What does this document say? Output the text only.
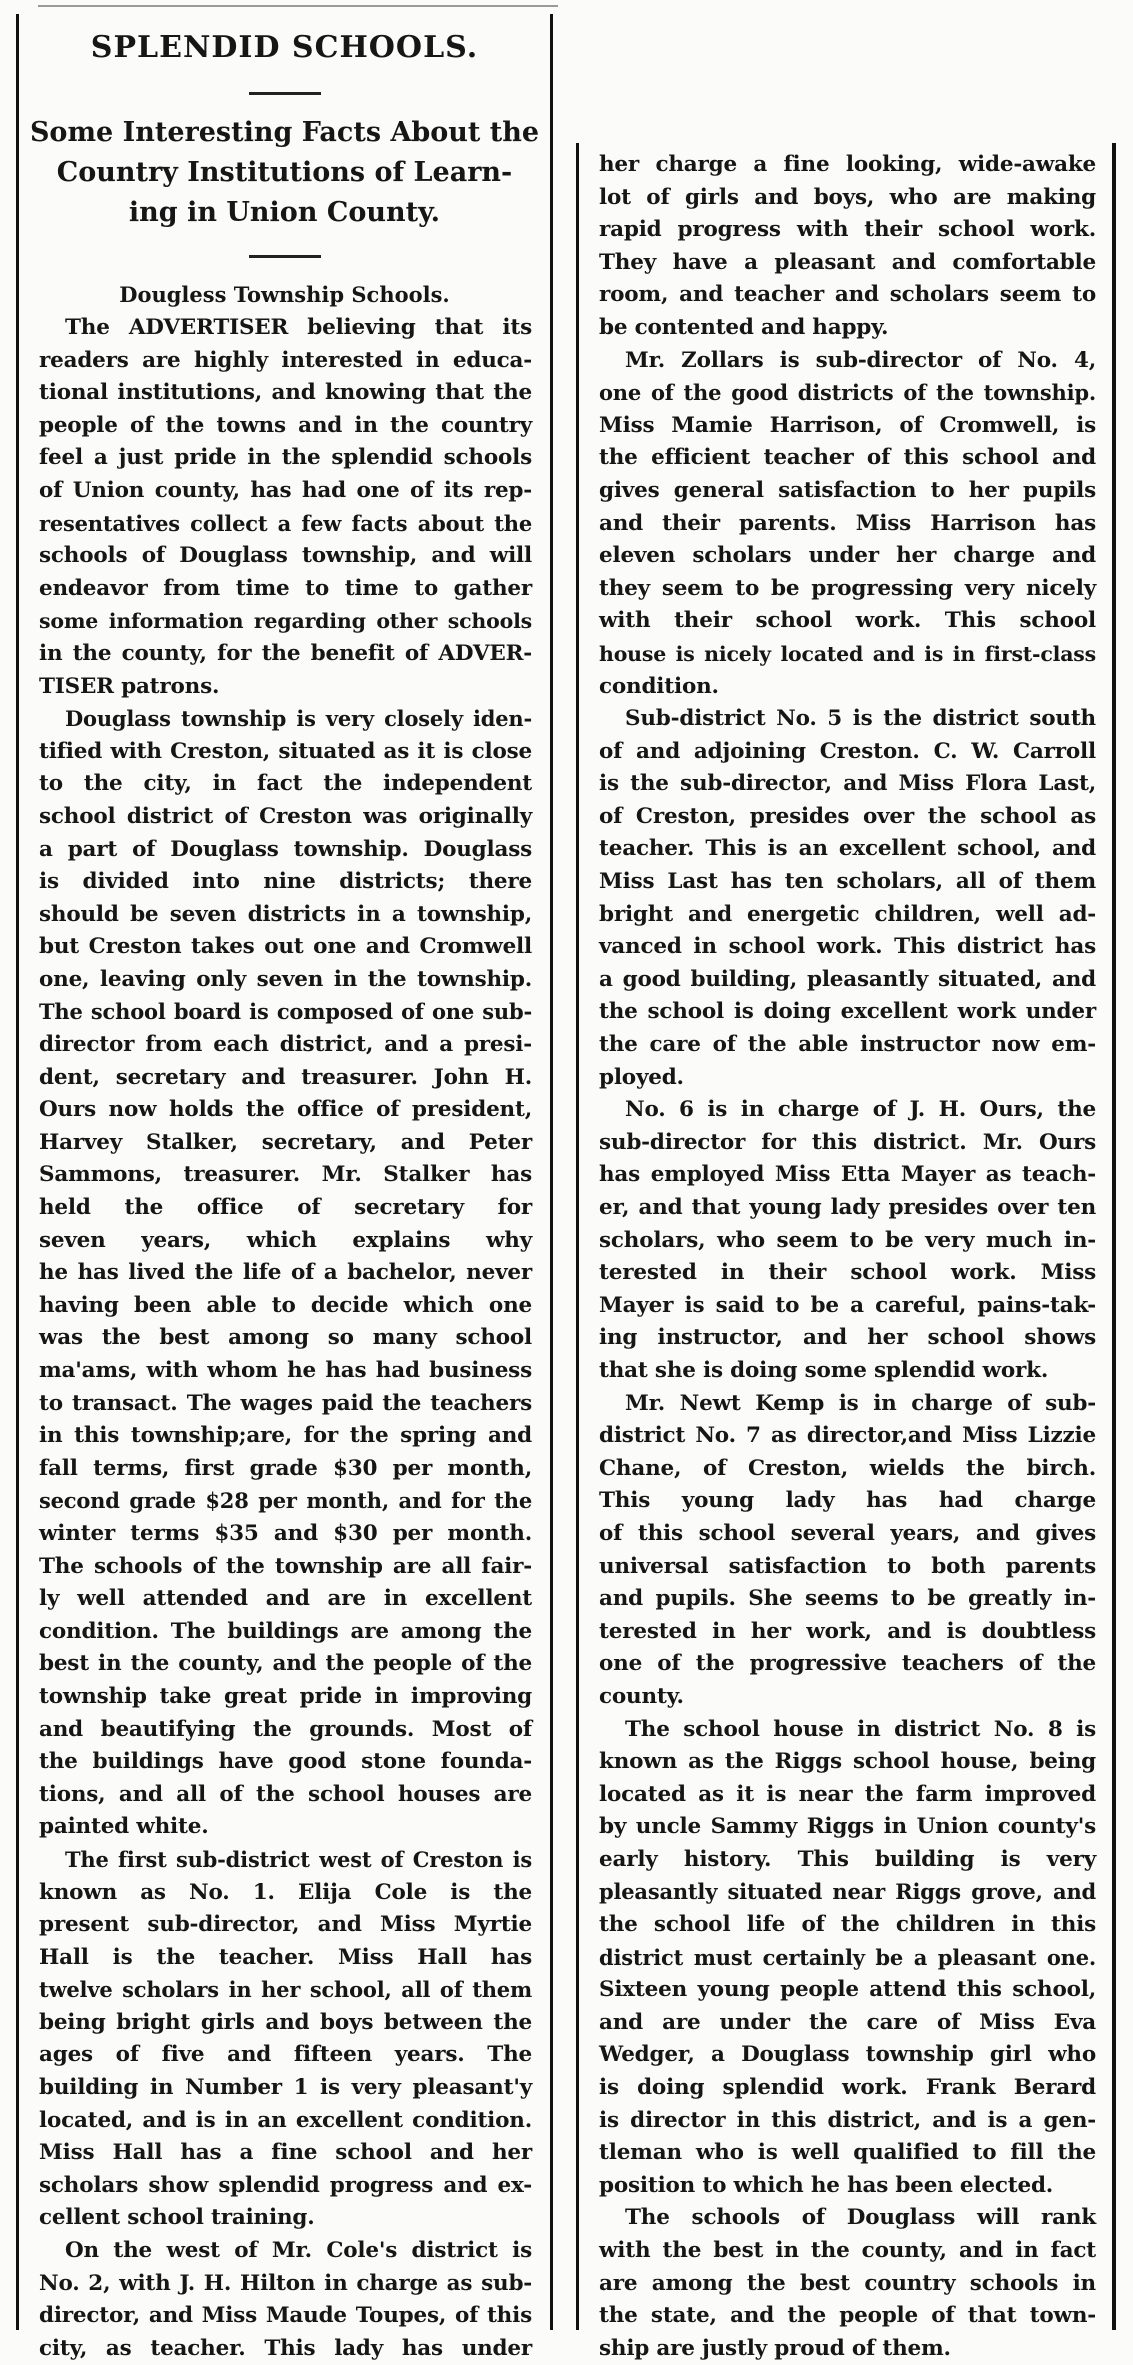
SPLENDID SCHOOLS.
Some Interesting Facts About the
Country Institutions of Learn-
ing in Union County.
Dougless Township Schools.
The ADVERTISER believing that its
readers are highly interested in educa-
tional institutions, and knowing that the
people of the towns and in the country
feel a just pride in the splendid schools
of Union county, has had one of its rep-
resentatives collect a few facts about the
schools of Douglass township, and will
endeavor from time to time to gather
some information regarding other schools
in the county, for the benefit of ADVER-
TISER patrons.
Douglass township is very closely iden-
tified with Creston, situated as it is close
to the city, in fact the independent
school district of Creston was originally
a part of Douglass township. Douglass
is divided into nine districts; there
should be seven districts in a township,
but Creston takes out one and Cromwell
one, leaving only seven in the township.
The school board is composed of one sub-
director from each district, and a presi-
dent, secretary and treasurer. John H.
Ours now holds the office of president,
Harvey Stalker, secretary, and Peter
Sammons, treasurer. Mr. Stalker has
held the office of secretary for
seven years, which explains why
he has lived the life of a bachelor, never
having been able to decide which one
was the best among so many school
ma'ams, with whom he has had business
to transact. The wages paid the teachers
in this township;are, for the spring and
fall terms, first grade $30 per month,
second grade $28 per month, and for the
winter terms $35 and $30 per month.
The schools of the township are all fair-
ly well attended and are in excellent
condition. The buildings are among the
best in the county, and the people of the
township take great pride in improving
and beautifying the grounds. Most of
the buildings have good stone founda-
tions, and all of the school houses are
painted white.
The first sub-district west of Creston is
known as No. 1. Elija Cole is the
present sub-director, and Miss Myrtie
Hall is the teacher. Miss Hall has
twelve scholars in her school, all of them
being bright girls and boys between the
ages of five and fifteen years. The
building in Number 1 is very pleasant'y
located, and is in an excellent condition.
Miss Hall has a fine school and her
scholars show splendid progress and ex-
cellent school training.
On the west of Mr. Cole's district is
No. 2, with J. H. Hilton in charge as sub-
director, and Miss Maude Toupes, of this
city, as teacher. This lady has under
her charge a fine looking, wide-awake
lot of girls and boys, who are making
rapid progress with their school work.
They have a pleasant and comfortable
room, and teacher and scholars seem to
be contented and happy.
Mr. Zollars is sub-director of No. 4,
one of the good districts of the township.
Miss Mamie Harrison, of Cromwell, is
the efficient teacher of this school and
gives general satisfaction to her pupils
and their parents. Miss Harrison has
eleven scholars under her charge and
they seem to be progressing very nicely
with their school work. This school
house is nicely located and is in first-class
condition.
Sub-district No. 5 is the district south
of and adjoining Creston. C. W. Carroll
is the sub-director, and Miss Flora Last,
of Creston, presides over the school as
teacher. This is an excellent school, and
Miss Last has ten scholars, all of them
bright and energetic children, well ad-
vanced in school work. This district has
a good building, pleasantly situated, and
the school is doing excellent work under
the care of the able instructor now em-
ployed.
No. 6 is in charge of J. H. Ours, the
sub-director for this district. Mr. Ours
has employed Miss Etta Mayer as teach-
er, and that young lady presides over ten
scholars, who seem to be very much in-
terested in their school work. Miss
Mayer is said to be a careful, pains-tak-
ing instructor, and her school shows
that she is doing some splendid work.
Mr. Newt Kemp is in charge of sub-
district No. 7 as director,and Miss Lizzie
Chane, of Creston, wields the birch.
This young lady has had charge
of this school several years, and gives
universal satisfaction to both parents
and pupils. She seems to be greatly in-
terested in her work, and is doubtless
one of the progressive teachers of the
county.
The school house in district No. 8 is
known as the Riggs school house, being
located as it is near the farm improved
by uncle Sammy Riggs in Union county's
early history. This building is very
pleasantly situated near Riggs grove, and
the school life of the children in this
district must certainly be a pleasant one.
Sixteen young people attend this school,
and are under the care of Miss Eva
Wedger, a Douglass township girl who
is doing splendid work. Frank Berard
is director in this district, and is a gen-
tleman who is well qualified to fill the
position to which he has been elected.
The schools of Douglass will rank
with the best in the county, and in fact
are among the best country schools in
the state, and the people of that town-
ship are justly proud of them.
